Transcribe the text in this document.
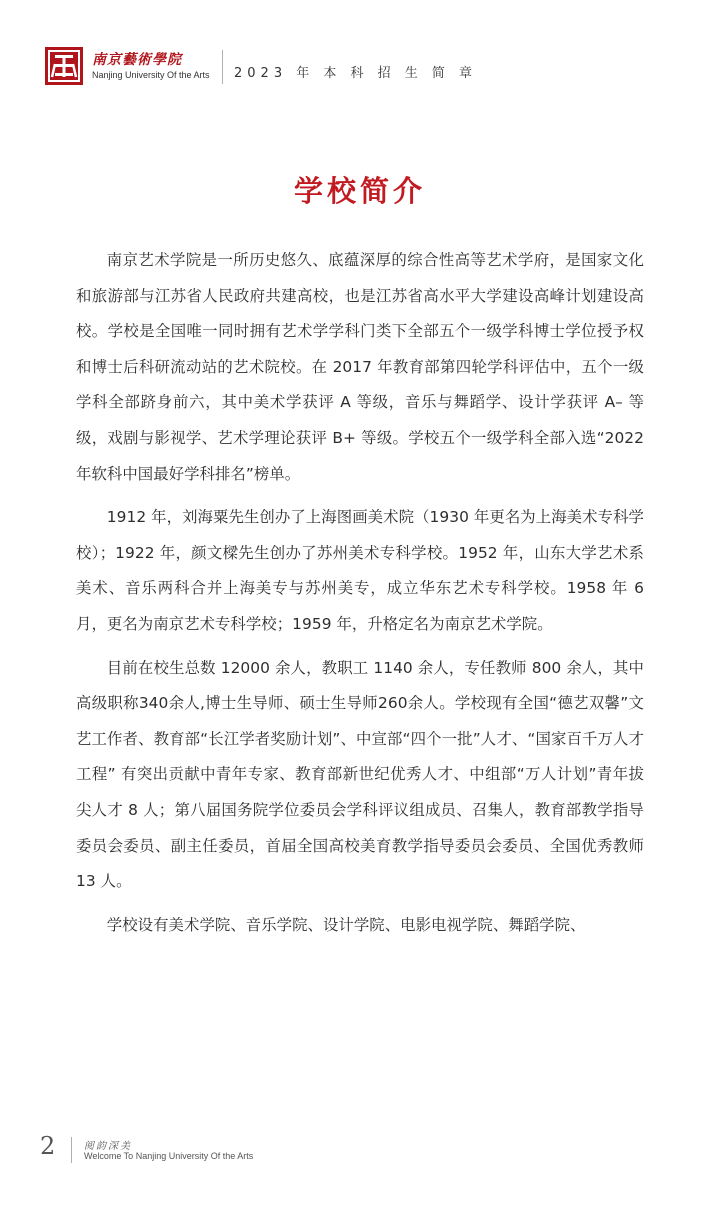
南京藝術學院
Nanjing University Of the Arts 2023 年 本 科 招 生 简 章
学校简介

南京艺术学院是一所历史悠久、底蕴深厚的综合性高等艺术学府，是国家文化和旅游部与江苏省人民政府共建高校，也是江苏省高水平大学建设高峰计划建设高校。学校是全国唯一同时拥有艺术学学科门类下全部五个一级学科博士学位授予权和博士后科研流动站的艺术院校。在 2017 年教育部第四轮学科评估中，五个一级学科全部跻身前六，其中美术学获评 A 等级，音乐与舞蹈学、设计学获评 A– 等级，戏剧与影视学、艺术学理论获评 B+ 等级。学校五个一级学科全部入选“2022 年软科中国最好学科排名”榜单。

1912 年，刘海粟先生创办了上海图画美术院（1930 年更名为上海美术专科学校）；1922 年，颜文樑先生创办了苏州美术专科学校。1952 年，山东大学艺术系美术、音乐两科合并上海美专与苏州美专，成立华东艺术专科学校。1958 年 6 月，更名为南京艺术专科学校；1959 年，升格定名为南京艺术学院。

目前在校生总数 12000 余人，教职工 1140 余人，专任教师 800 余人，其中高级职称340余人,博士生导师、硕士生导师260余人。学校现有全国“德艺双馨”文艺工作者、教育部“长江学者奖励计划”、中宣部“四个一批”人才、“国家百千万人才工程” 有突出贡献中青年专家、教育部新世纪优秀人才、中组部“万人计划”青年拔尖人才 8 人；第八届国务院学位委员会学科评议组成员、召集人，教育部教学指导委员会委员、副主任委员，首届全国高校美育教学指导委员会委员、全国优秀教师 13 人。

学校设有美术学院、音乐学院、设计学院、电影电视学院、舞蹈学院、

2	阅韵深美
Welcome To Nanjing University Of the Arts
